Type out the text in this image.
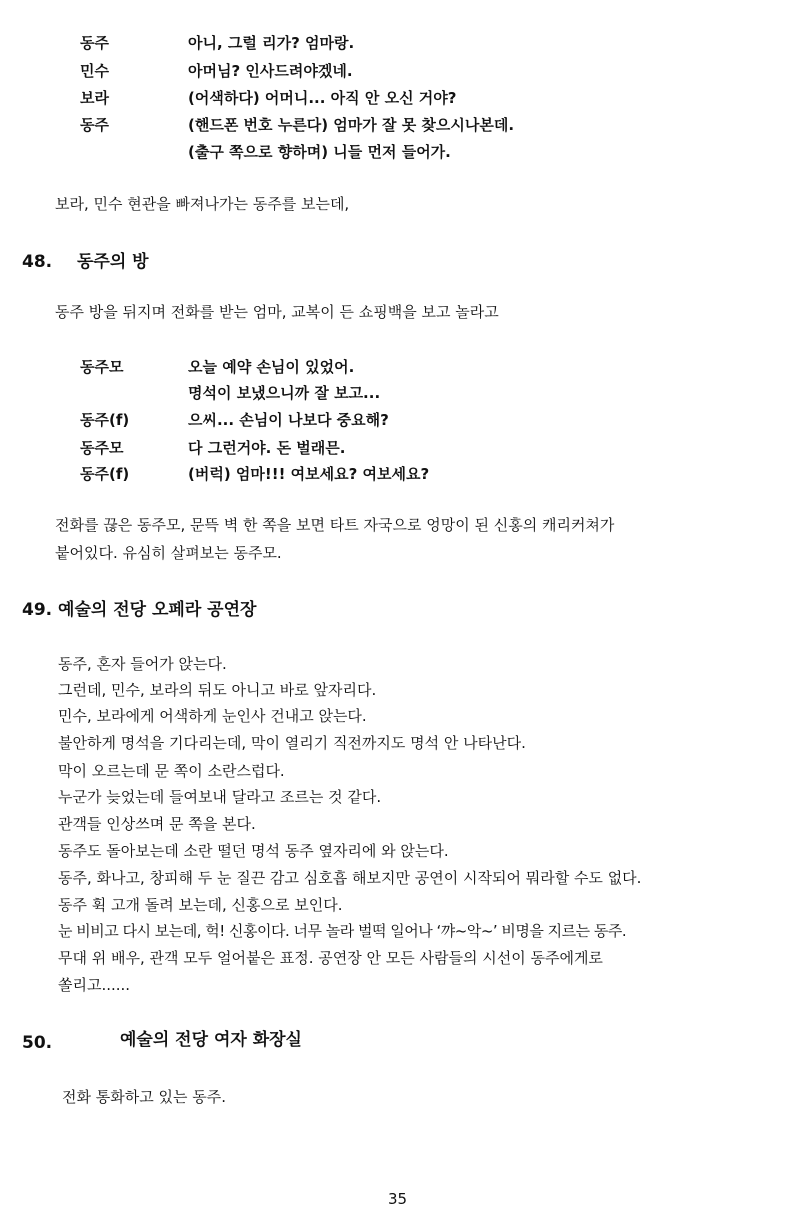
동주	아니, 그럴 리가? 엄마랑.
민수	아머님? 인사드려야겠네.
보라	(어색하다) 어머니... 아직 안 오신 거야?
동주	(핸드폰 번호 누른다) 엄마가 잘 못 찾으시나본데.
(출구 쪽으로 향하며) 니들 먼저 들어가.
보라, 민수 현관을 빠져나가는 동주를 보는데,
48. 동주의 방
동주 방을 뒤지며 전화를 받는 엄마, 교복이 든 쇼핑백을 보고 놀라고
동주모	오늘 예약 손님이 있었어.
명석이 보냈으니까 잘 보고...
동주(f)	으씨... 손님이 나보다 중요해?
동주모	다 그런거야. 돈 벌래믄.
동주(f)	(버럭) 엄마!!! 여보세요? 여보세요?
전화를 끊은 동주모, 문뜩 벽 한 쪽을 보면 타트 자국으로 엉망이 된 신홍의 캐리커쳐가
붙어있다. 유심히 살펴보는 동주모.
49. 예술의 전당 오페라 공연장
동주, 혼자 들어가 앉는다.
그런데, 민수, 보라의 뒤도 아니고 바로 앞자리다.
민수, 보라에게 어색하게 눈인사 건내고 앉는다.
불안하게 명석을 기다리는데, 막이 열리기 직전까지도 명석 안 나타난다.
막이 오르는데 문 쪽이 소란스럽다.
누군가 늦었는데 들여보내 달라고 조르는 것 같다.
관객들 인상쓰며 문 쪽을 본다.
동주도 돌아보는데 소란 떨던 명석 동주 옆자리에 와 앉는다.
동주, 화나고, 창피해 두 눈 질끈 감고 심호흡 해보지만 공연이 시작되어 뭐라할 수도 없다.
동주 휙 고개 돌려 보는데, 신홍으로 보인다.
눈 비비고 다시 보는데, 헉! 신홍이다. 너무 놀라 벌떡 일어나 ‘꺄~악~’ 비명을 지르는 동주.
무대 위 배우, 관객 모두 얼어붙은 표정. 공연장 안 모든 사람들의 시선이 동주에게로
쏠리고......
50.	예술의 전당 여자 화장실
전화 통화하고 있는 동주.
35
